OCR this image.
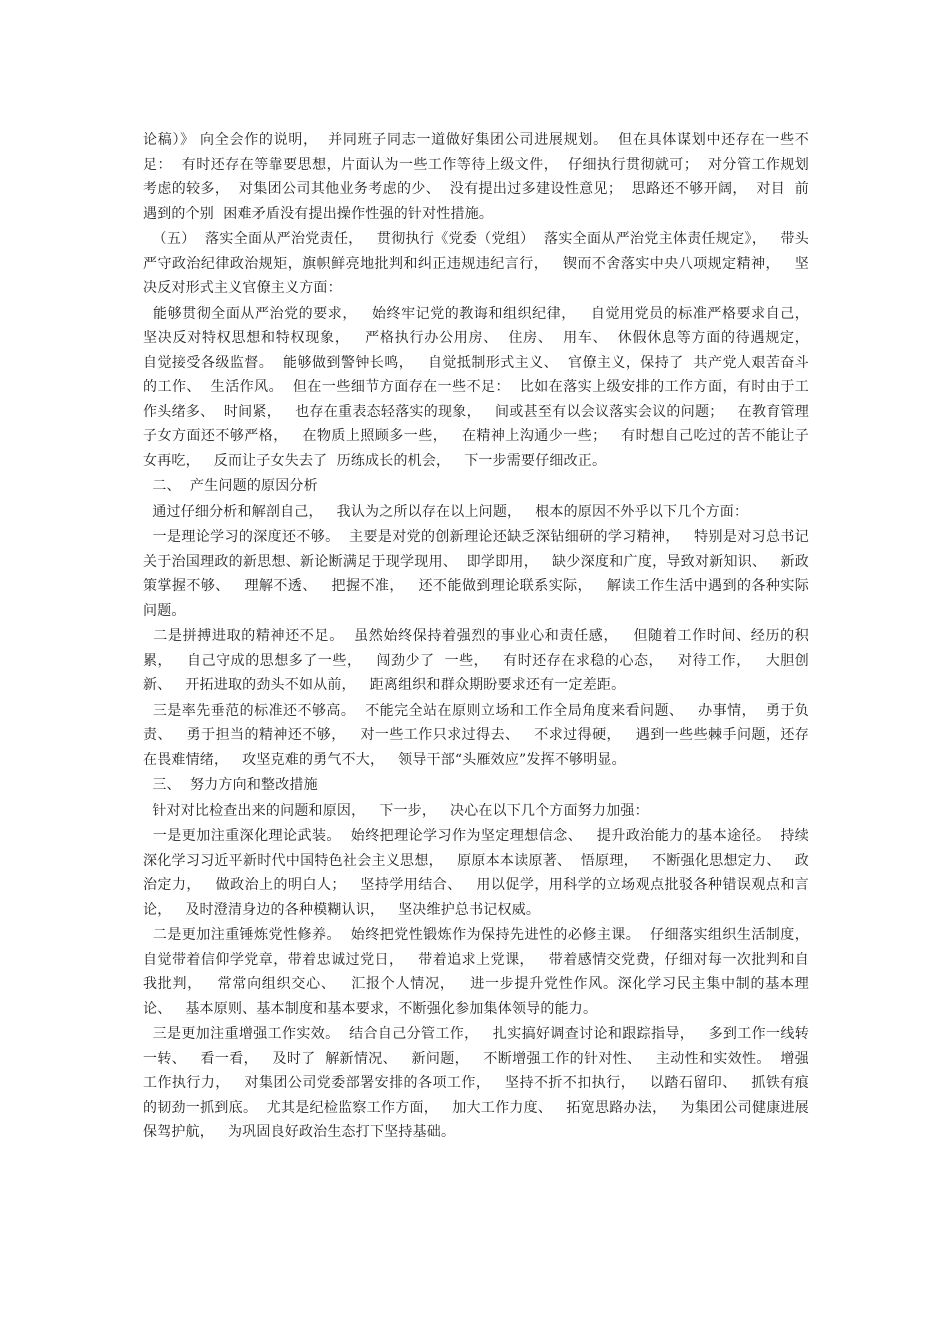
论稿）》 向全会作的说明，  并同班子同志一道做好集团公司进展规划。  但在具体谋划中还存在一些不足：  有时还存在等靠要思想，片面认为一些工作等待上级文件，  仔细执行贯彻就可；  对分管工作规划考虑的较多，  对集团公司其他业务考虑的少、  没有提出过多建设性意见；  思路还不够开阔，  对目  前遇到的个别  困难矛盾没有提出操作性强的针对性措施。

（五）  落实全面从严治党责任，   贯彻执行《党委（党组）  落实全面从严治党主体责任规定》，   带头严守政治纪律政治规矩，旗帜鲜亮地批判和纠正违规违纪言行，   锲而不舍落实中央八项规定精神，   坚决反对形式主义官僚主义方面：

能够贯彻全面从严治党的要求，   始终牢记党的教诲和组织纪律，   自觉用党员的标准严格要求自己，   坚决反对特权思想和特权现象，   严格执行办公用房、  住房、  用车、  休假休息等方面的待遇规定，   自觉接受各级监督。  能够做到警钟长鸣，   自觉抵制形式主义、  官僚主义，保持了  共产党人艰苦奋斗的工作、  生活作风。  但在一些细节方面存在一些不足：  比如在落实上级安排的工作方面，有时由于工作头绪多、  时间紧，   也存在重表态轻落实的现象，   间或甚至有以会议落实会议的问题；   在教育管理子女方面还不够严格，   在物质上照顾多一些，   在精神上沟通少一些；   有时想自己吃过的苦不能让子女再吃，   反而让子女失去了  历练成长的机会，   下一步需要仔细改正。

二、  产生问题的原因分析

通过仔细分析和解剖自己，   我认为之所以存在以上问题，   根本的原因不外乎以下几个方面：

一是理论学习的深度还不够。  主要是对党的创新理论还缺乏深钻细研的学习精神，   特别是对习总书记关于治国理政的新思想、新论断满足于现学现用、  即学即用，   缺少深度和广度，导致对新知识、   新政策掌握不够、   理解不透、   把握不准，   还不能做到理论联系实际，   解读工作生活中遇到的各种实际问题。

二是拼搏进取的精神还不足。  虽然始终保持着强烈的事业心和责任感，   但随着工作时间、经历的积累，   自己守成的思想多了一些，   闯劲少了  一些，   有时还存在求稳的心态，   对待工作，   大胆创新、   开拓进取的劲头不如从前，   距离组织和群众期盼要求还有一定差距。

三是率先垂范的标准还不够高。  不能完全站在原则立场和工作全局角度来看问题、   办事情，  勇于负责、   勇于担当的精神还不够，   对一些工作只求过得去、   不求过得硬，   遇到一些些棘手问题，还存在畏难情绪，   攻坚克难的勇气不大，   领导干部“头雁效应”发挥不够明显。

三、  努力方向和整改措施

针对对比检查出来的问题和原因，   下一步，   决心在以下几个方面努力加强：

一是更加注重深化理论武装。  始终把理论学习作为坚定理想信念、   提升政治能力的基本途径。  持续深化学习习近平新时代中国特色社会主义思想，   原原本本读原著、  悟原理，   不断强化思想定力、   政治定力，   做政治上的明白人；   坚持学用结合、   用以促学，用科学的立场观点批驳各种错误观点和言论，   及时澄清身边的各种模糊认识，   坚决维护总书记权威。

二是更加注重锤炼党性修养。  始终把党性锻炼作为保持先进性的必修主课。  仔细落实组织生活制度，   自觉带着信仰学党章，带着忠诚过党日，   带着追求上党课，   带着感情交党费，仔细对每一次批判和自我批判，   常常向组织交心、   汇报个人情况，   进一步提升党性作风。深化学习民主集中制的基本理论、   基本原则、基本制度和基本要求，不断强化参加集体领导的能力。

三是更加注重增强工作实效。  结合自己分管工作，   扎实搞好调查讨论和跟踪指导，   多到工作一线转一转、   看一看，   及时了  解新情况、   新问题，   不断增强工作的针对性、   主动性和实效性。  增强工作执行力，   对集团公司党委部署安排的各项工作，   坚持不折不扣执行，   以踏石留印、   抓铁有痕的韧劲一抓到底。  尤其是纪检监察工作方面，   加大工作力度、   拓宽思路办法，   为集团公司健康进展保驾护航，   为巩固良好政治生态打下坚持基础。
